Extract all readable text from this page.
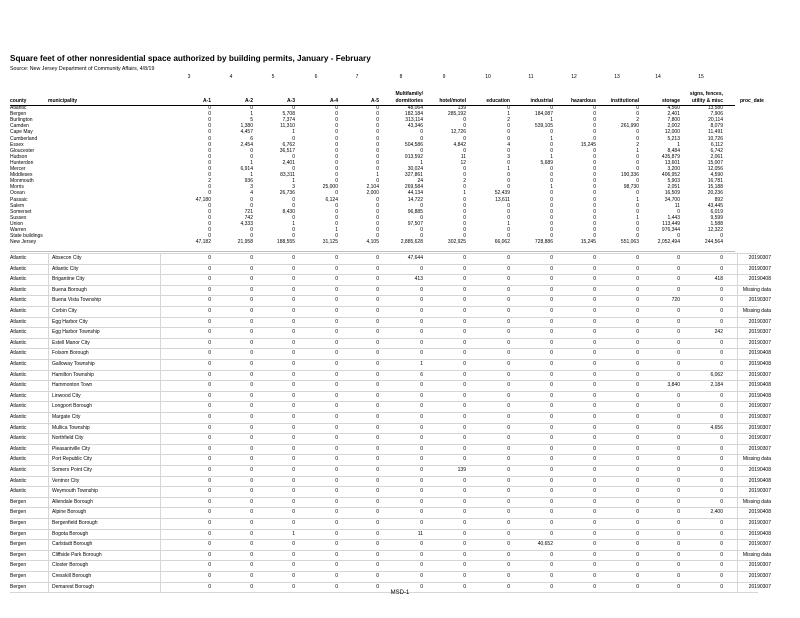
Square feet of other nonresidential space authorized by building permits, January - February
Source: New Jersey Department of Community Affairs, 4/8/19
3	4	5	6	7	8	9	10	11	12	13	14	15
Multifamily/	signs, fences,
county	municipality	A-1	A-2	A-3	A-4	A-5	dormitories	hotel/motel	education	industrial	hazardous	institutional	storage	utility & misc	proc_date
Atlantic	0	0	0	0	0	48,064	139	0	0	0	0	4,560	13,580
Bergen	0	1	5,708	0	0	182,184	285,192	1	184,087	0	0	2,401	7,906
Burlington	0	5	7,374	0	0	313,114	0	2	1	0	2	7,800	20,114
Camden	0	1,380	11,310	0	0	43,346	0	0	539,105	0	261,990	2,002	8,079
Cape May	0	4,457	1	0	0	0	12,726	0	0	0	0	12,000	11,491
Cumberland	0	6	0	0	0	0	0	0	1	0	0	5,213	10,726
Essex	0	2,454	6,762	0	0	504,586	4,842	4	0	15,245	2	1	6,112
Gloucester	0	0	36,517	0	0	0	0	0	0	0	1	8,484	6,742
Hudson	0	0	0	0	0	913,592	11	3	1	0	0	435,879	2,061
Hunterdon	0	1	2,401	0	0	1	12	0	5,689	0	0	13,601	15,007
Mercer	0	6,914	0	0	0	30,024	0	1	0	0	0	3,200	12,056
Middlesex	0	1	83,311	0	1	327,861	0	0	0	0	190,336	406,952	4,590
Monmouth	2	936	1	0	0	24	2	0	0	0	0	5,903	16,781
Morris	0	3	3	25,000	2,104	269,584	0	0	1	0	98,730	2,051	15,188
Ocean	0	4	26,736	0	2,000	44,134	1	52,439	0	0	0	16,509	20,236
Passaic	47,180	0	0	6,124	0	14,722	0	13,611	0	0	1	34,700	892
Salem	0	0	0	0	0	0	0	0	0	0	0	11	43,445
Somerset	0	721	8,430	0	0	96,885	0	0	0	0	0	0	6,019
Sussex	0	742	0	0	0	0	0	0	0	0	1	1,443	9,599
Union	0	4,333	1	0	0	97,507	0	1	0	0	0	113,449	1,588
Warren	0	0	0	1	0	0	0	0	0	0	0	976,344	12,322
State buildings	0	0	0	0	0	0	0	0	0	0	0	0	0
New Jersey	47,182	21,958	188,555	31,125	4,105	2,885,628	302,925	66,062	728,886	15,245	551,063	2,052,494	244,564
Atlantic	Absecon City	0	0	0	0	0	47,644	0	0	0	0	0	0	0	20190307
Atlantic	Atlantic City	0	0	0	0	0	0	0	0	0	0	0	0	0	20190307
Atlantic	Brigantine City	0	0	0	0	0	413	0	0	0	0	0	0	418	20190408
Atlantic	Buena Borough	0	0	0	0	0	0	0	0	0	0	0	0	0	Missing data
Atlantic	Buena Vista Township	0	0	0	0	0	0	0	0	0	0	0	720	0	20190307
Atlantic	Corbin City	0	0	0	0	0	0	0	0	0	0	0	0	0	Missing data
Atlantic	Egg Harbor City	0	0	0	0	0	0	0	0	0	0	0	0	0	20190307
Atlantic	Egg Harbor Township	0	0	0	0	0	0	0	0	0	0	0	0	242	20190307
Atlantic	Estell Manor City	0	0	0	0	0	0	0	0	0	0	0	0	0	20190307
Atlantic	Folsom Borough	0	0	0	0	0	0	0	0	0	0	0	0	0	20190408
Atlantic	Galloway Township	0	0	0	0	0	1	0	0	0	0	0	0	0	20190408
Atlantic	Hamilton Township	0	0	0	0	0	6	0	0	0	0	0	0	6,062	20190307
Atlantic	Hammonton Town	0	0	0	0	0	0	0	0	0	0	0	3,840	2,184	20190408
Atlantic	Linwood City	0	0	0	0	0	0	0	0	0	0	0	0	0	20190408
Atlantic	Longport Borough	0	0	0	0	0	0	0	0	0	0	0	0	0	20190307
Atlantic	Margate City	0	0	0	0	0	0	0	0	0	0	0	0	0	20190307
Atlantic	Mullica Township	0	0	0	0	0	0	0	0	0	0	0	0	4,656	20190307
Atlantic	Northfield City	0	0	0	0	0	0	0	0	0	0	0	0	0	20190307
Atlantic	Pleasantville City	0	0	0	0	0	0	0	0	0	0	0	0	0	20190307
Atlantic	Port Republic City	0	0	0	0	0	0	0	0	0	0	0	0	0	Missing data
Atlantic	Somers Point City	0	0	0	0	0	0	139	0	0	0	0	0	0	20190408
Atlantic	Ventnor City	0	0	0	0	0	0	0	0	0	0	0	0	0	20190408
Atlantic	Weymouth Township	0	0	0	0	0	0	0	0	0	0	0	0	0	20190307
Bergen	Allendale Borough	0	0	0	0	0	0	0	0	0	0	0	0	0	Missing data
Bergen	Alpine Borough	0	0	0	0	0	0	0	0	0	0	0	0	2,400	20190408
Bergen	Bergenfield Borough	0	0	0	0	0	0	0	0	0	0	0	0	0	20190307
Bergen	Bogota Borough	0	0	1	0	0	11	0	0	0	0	0	0	0	20190408
Bergen	Carlstadt Borough	0	0	0	0	0	0	0	0	40,652	0	0	0	0	20190307
Bergen	Cliffside Park Borough	0	0	0	0	0	0	0	0	0	0	0	0	0	Missing data
Bergen	Closter Borough	0	0	0	0	0	0	0	0	0	0	0	0	0	20190307
Bergen	Cresskill Borough	0	0	0	0	0	0	0	0	0	0	0	0	0	20190307
Bergen	Demarest Borough	0	0	0	0	0	0	0	0	0	0	0	0	0	20190307
MSD-1
